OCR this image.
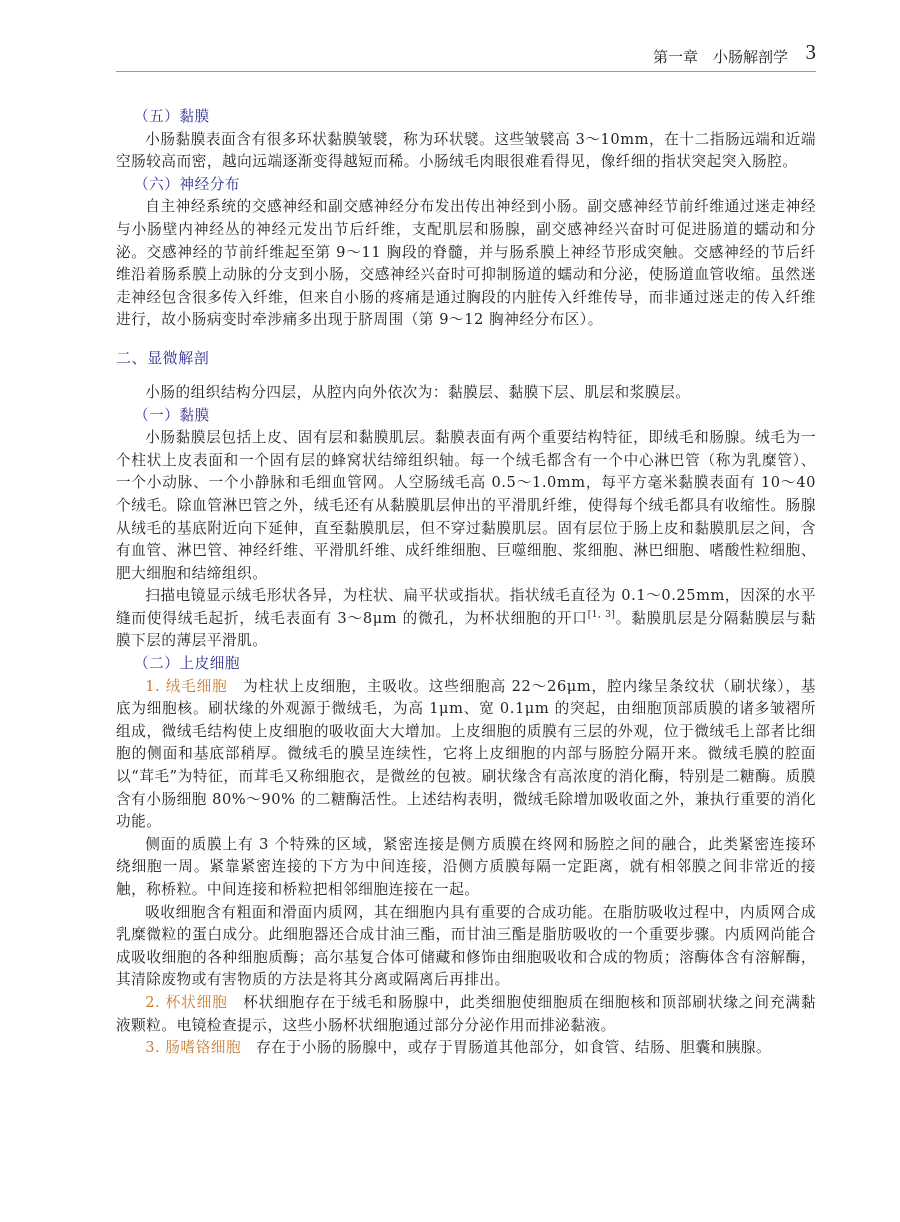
第一章　小肠解剖学 3

（五）黏膜

小肠黏膜表面含有很多环状黏膜皱襞，称为环状襞。这些皱襞高 3～10mm，在十二指肠远端和近端空肠较高而密，越向远端逐渐变得越短而稀。小肠绒毛肉眼很难看得见，像纤细的指状突起突入肠腔。

（六）神经分布

自主神经系统的交感神经和副交感神经分布发出传出神经到小肠。副交感神经节前纤维通过迷走神经与小肠壁内神经丛的神经元发出节后纤维，支配肌层和肠腺，副交感神经兴奋时可促进肠道的蠕动和分泌。交感神经的节前纤维起至第 9～11 胸段的脊髓，并与肠系膜上神经节形成突触。交感神经的节后纤维沿着肠系膜上动脉的分支到小肠，交感神经兴奋时可抑制肠道的蠕动和分泌，使肠道血管收缩。虽然迷走神经包含很多传入纤维，但来自小肠的疼痛是通过胸段的内脏传入纤维传导，而非通过迷走的传入纤维进行，故小肠病变时牵涉痛多出现于脐周围（第 9～12 胸神经分布区）。

二、显微解剖

小肠的组织结构分四层，从腔内向外依次为：黏膜层、黏膜下层、肌层和浆膜层。

（一）黏膜

小肠黏膜层包括上皮、固有层和黏膜肌层。黏膜表面有两个重要结构特征，即绒毛和肠腺。绒毛为一个柱状上皮表面和一个固有层的蜂窝状结缔组织轴。每一个绒毛都含有一个中心淋巴管（称为乳糜管）、一个小动脉、一个小静脉和毛细血管网。人空肠绒毛高 0.5～1.0mm，每平方毫米黏膜表面有 10～40 个绒毛。除血管淋巴管之外，绒毛还有从黏膜肌层伸出的平滑肌纤维，使得每个绒毛都具有收缩性。肠腺从绒毛的基底附近向下延伸，直至黏膜肌层，但不穿过黏膜肌层。固有层位于肠上皮和黏膜肌层之间，含有血管、淋巴管、神经纤维、平滑肌纤维、成纤维细胞、巨噬细胞、浆细胞、淋巴细胞、嗜酸性粒细胞、肥大细胞和结缔组织。

扫描电镜显示绒毛形状各异，为柱状、扁平状或指状。指状绒毛直径为 0.1～0.25mm，因深的水平缝而使得绒毛起折，绒毛表面有 3～8μm 的微孔，为杯状细胞的开口[1, 3]。黏膜肌层是分隔黏膜层与黏膜下层的薄层平滑肌。

（二）上皮细胞

1. 绒毛细胞　为柱状上皮细胞，主吸收。这些细胞高 22～26μm，腔内缘呈条纹状（刷状缘），基底为细胞核。刷状缘的外观源于微绒毛，为高 1μm、宽 0.1μm 的突起，由细胞顶部质膜的诸多皱褶所组成，微绒毛结构使上皮细胞的吸收面大大增加。上皮细胞的质膜有三层的外观，位于微绒毛上部者比细胞的侧面和基底部稍厚。微绒毛的膜呈连续性，它将上皮细胞的内部与肠腔分隔开来。微绒毛膜的腔面以“茸毛”为特征，而茸毛又称细胞衣，是微丝的包被。刷状缘含有高浓度的消化酶，特别是二糖酶。质膜含有小肠细胞 80%～90% 的二糖酶活性。上述结构表明，微绒毛除增加吸收面之外，兼执行重要的消化功能。

侧面的质膜上有 3 个特殊的区域，紧密连接是侧方质膜在终网和肠腔之间的融合，此类紧密连接环绕细胞一周。紧靠紧密连接的下方为中间连接，沿侧方质膜每隔一定距离，就有相邻膜之间非常近的接触，称桥粒。中间连接和桥粒把相邻细胞连接在一起。

吸收细胞含有粗面和滑面内质网，其在细胞内具有重要的合成功能。在脂肪吸收过程中，内质网合成乳糜微粒的蛋白成分。此细胞器还合成甘油三酯，而甘油三酯是脂肪吸收的一个重要步骤。内质网尚能合成吸收细胞的各种细胞质酶；高尔基复合体可储藏和修饰由细胞吸收和合成的物质；溶酶体含有溶解酶，其清除废物或有害物质的方法是将其分离或隔离后再排出。

2. 杯状细胞　杯状细胞存在于绒毛和肠腺中，此类细胞使细胞质在细胞核和顶部刷状缘之间充满黏液颗粒。电镜检查提示，这些小肠杯状细胞通过部分分泌作用而排泌黏液。

3. 肠嗜铬细胞　存在于小肠的肠腺中，或存于胃肠道其他部分，如食管、结肠、胆囊和胰腺。
